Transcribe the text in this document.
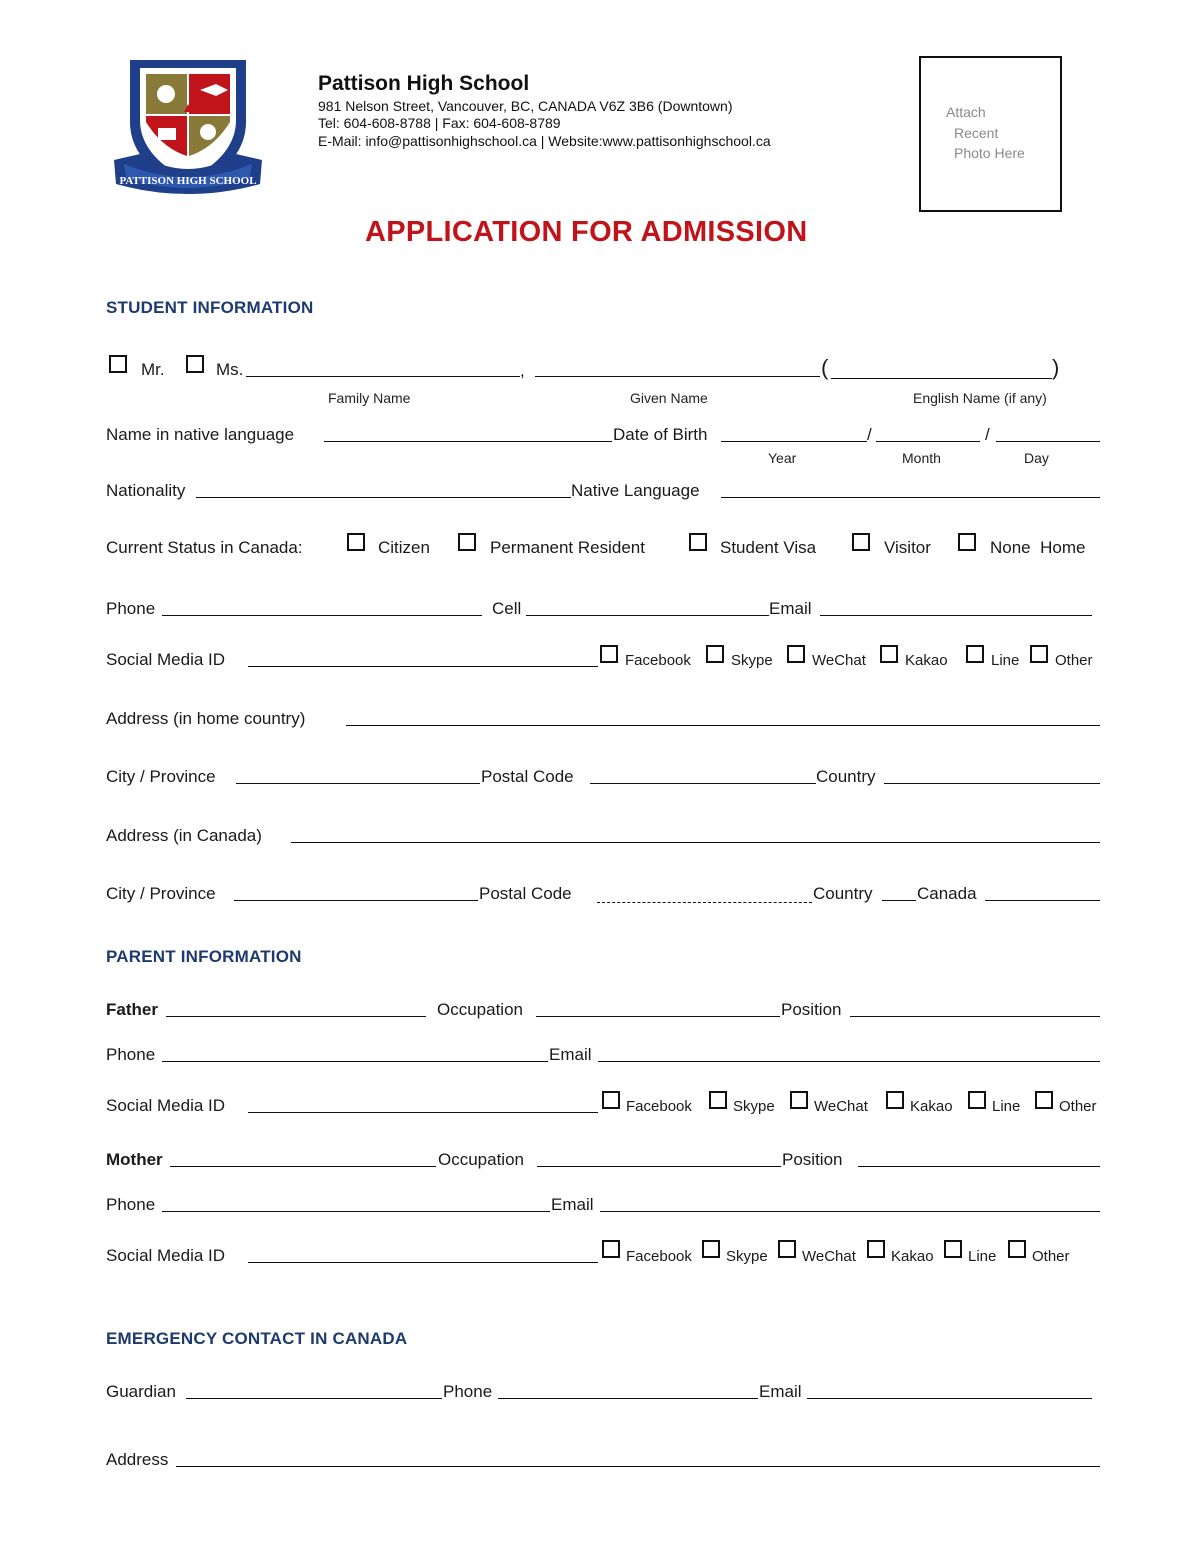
PATTISON HIGH SCHOOL
Pattison High School
981 Nelson Street, Vancouver, BC, CANADA V6Z 3B6 (Downtown)
Tel: 604-608-8788 | Fax: 604-608-8789
E-Mail: info@pattisonhighschool.ca | Website:www.pattisonhighschool.ca
Attach
Recent
Photo Here
APPLICATION FOR ADMISSION
STUDENT INFORMATION
Mr.	Ms.	,	(	)
Family Name	Given Name	English Name (if any)
Name in native language	Date of Birth	/	/
Year	Month	Day
Nationality	Native Language
Current Status in Canada:	Citizen	Permanent Resident	Student Visa	Visitor	None  Home
Phone	Cell	Email
Social Media ID	Facebook	Skype	WeChat	Kakao	Line Other
Address (in home country)
City / Province	Postal Code	Country
Address (in Canada)
City / Province	Postal Code	Country	Canada
PARENT INFORMATION
Father	Occupation	Position
Phone	Email
Social Media ID	Facebook	Skype	WeChat	Kakao	Line	Other
Mother	Occupation	Position
Phone	Email
Social Media ID	Facebook Skype WeChat Kakao Line Other
EMERGENCY CONTACT IN CANADA
Guardian	Phone	Email
Address
